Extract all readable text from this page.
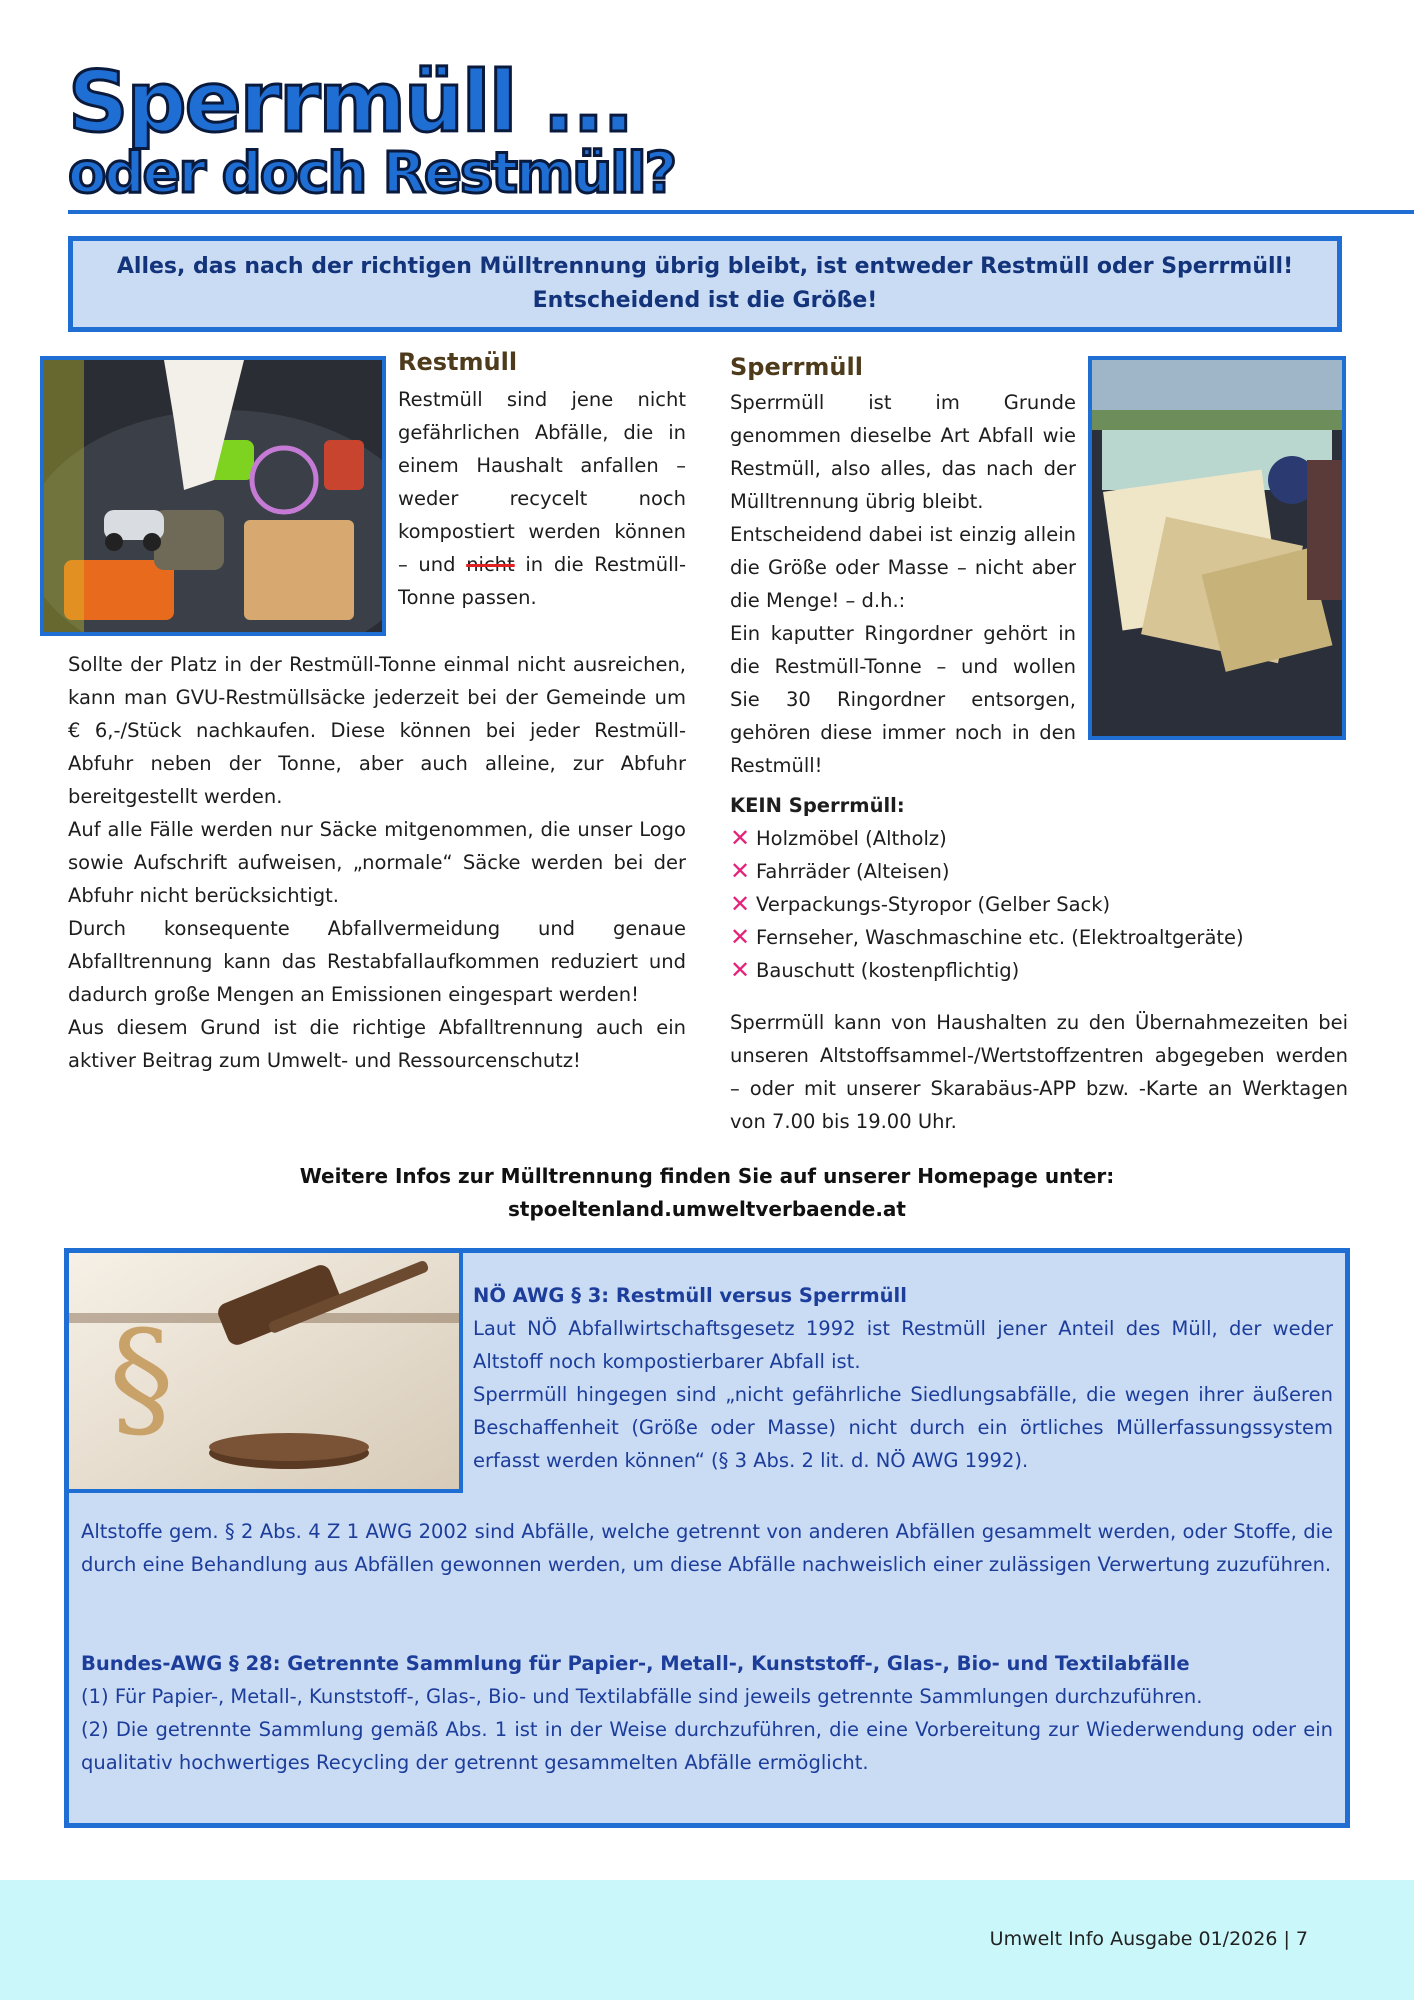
Sperrmüll ...
oder doch Restmüll?

Alles, das nach der richtigen Mülltrennung übrig bleibt, ist entweder Restmüll oder Sperrmüll! Entscheidend ist die Größe!

Restmüll

Restmüll sind jene nicht gefährlichen Abfälle, die in einem Haushalt anfallen – weder recycelt noch kompostiert werden können – und nicht in die Restmüll-Tonne passen.

Sollte der Platz in der Restmüll-Tonne einmal nicht ausreichen, kann man GVU-Restmüllsäcke jederzeit bei der Gemeinde um € 6,-/Stück nachkaufen. Diese können bei jeder Restmüll-Abfuhr neben der Tonne, aber auch alleine, zur Abfuhr bereitgestellt werden.

Auf alle Fälle werden nur Säcke mitgenommen, die unser Logo sowie Aufschrift aufweisen, „normale“ Säcke werden bei der Abfuhr nicht berücksichtigt.

Durch konsequente Abfallvermeidung und genaue Abfalltrennung kann das Restabfallaufkommen reduziert und dadurch große Mengen an Emissionen eingespart werden!

Aus diesem Grund ist die richtige Abfalltrennung auch ein aktiver Beitrag zum Umwelt- und Ressourcenschutz!

Sperrmüll

Sperrmüll ist im Grunde genommen dieselbe Art Abfall wie Restmüll, also alles, das nach der Mülltrennung übrig bleibt.

Entscheidend dabei ist einzig allein die Größe oder Masse – nicht aber die Menge! – d.h.:

Ein kaputter Ringordner gehört in die Restmüll-Tonne – und wollen Sie 30 Ringordner entsorgen, gehören diese immer noch in den Restmüll!

KEIN Sperrmüll:

✕ Holzmöbel (Altholz)
✕ Fahrräder (Alteisen)
✕ Verpackungs-Styropor (Gelber Sack)
✕ Fernseher, Waschmaschine etc. (Elektroaltgeräte)
✕ Bauschutt (kostenpflichtig)

Sperrmüll kann von Haushalten zu den Übernahmezeiten bei unseren Altstoffsammel-/Wertstoffzentren abgegeben werden – oder mit unserer Skarabäus-APP bzw. -Karte an Werktagen von 7.00 bis 19.00 Uhr.

Weitere Infos zur Mülltrennung finden Sie auf unserer Homepage unter:

stpoeltenland.umweltverbaende.at

§

NÖ AWG § 3: Restmüll versus Sperrmüll

Laut NÖ Abfallwirtschaftsgesetz 1992 ist Restmüll jener Anteil des Müll, der weder Altstoff noch kompostierbarer Abfall ist.

Sperrmüll hingegen sind „nicht gefährliche Siedlungsabfälle, die wegen ihrer äußeren Beschaffenheit (Größe oder Masse) nicht durch ein örtliches Müllerfassungssystem erfasst werden können“ (§ 3 Abs. 2 lit. d. NÖ AWG 1992).

Altstoffe gem. § 2 Abs. 4 Z 1 AWG 2002 sind Abfälle, welche getrennt von anderen Abfällen gesammelt werden, oder Stoffe, die durch eine Behandlung aus Abfällen gewonnen werden, um diese Abfälle nachweislich einer zulässigen Verwertung zuzuführen.

Bundes-AWG § 28: Getrennte Sammlung für Papier-, Metall-, Kunststoff-, Glas-, Bio- und Textilabfälle

(1) Für Papier-, Metall-, Kunststoff-, Glas-, Bio- und Textilabfälle sind jeweils getrennte Sammlungen durchzuführen.

(2) Die getrennte Sammlung gemäß Abs. 1 ist in der Weise durchzuführen, die eine Vorbereitung zur Wiederwendung oder ein qualitativ hochwertiges Recycling der getrennt gesammelten Abfälle ermöglicht.

Umwelt Info Ausgabe 01/2026 | 7
